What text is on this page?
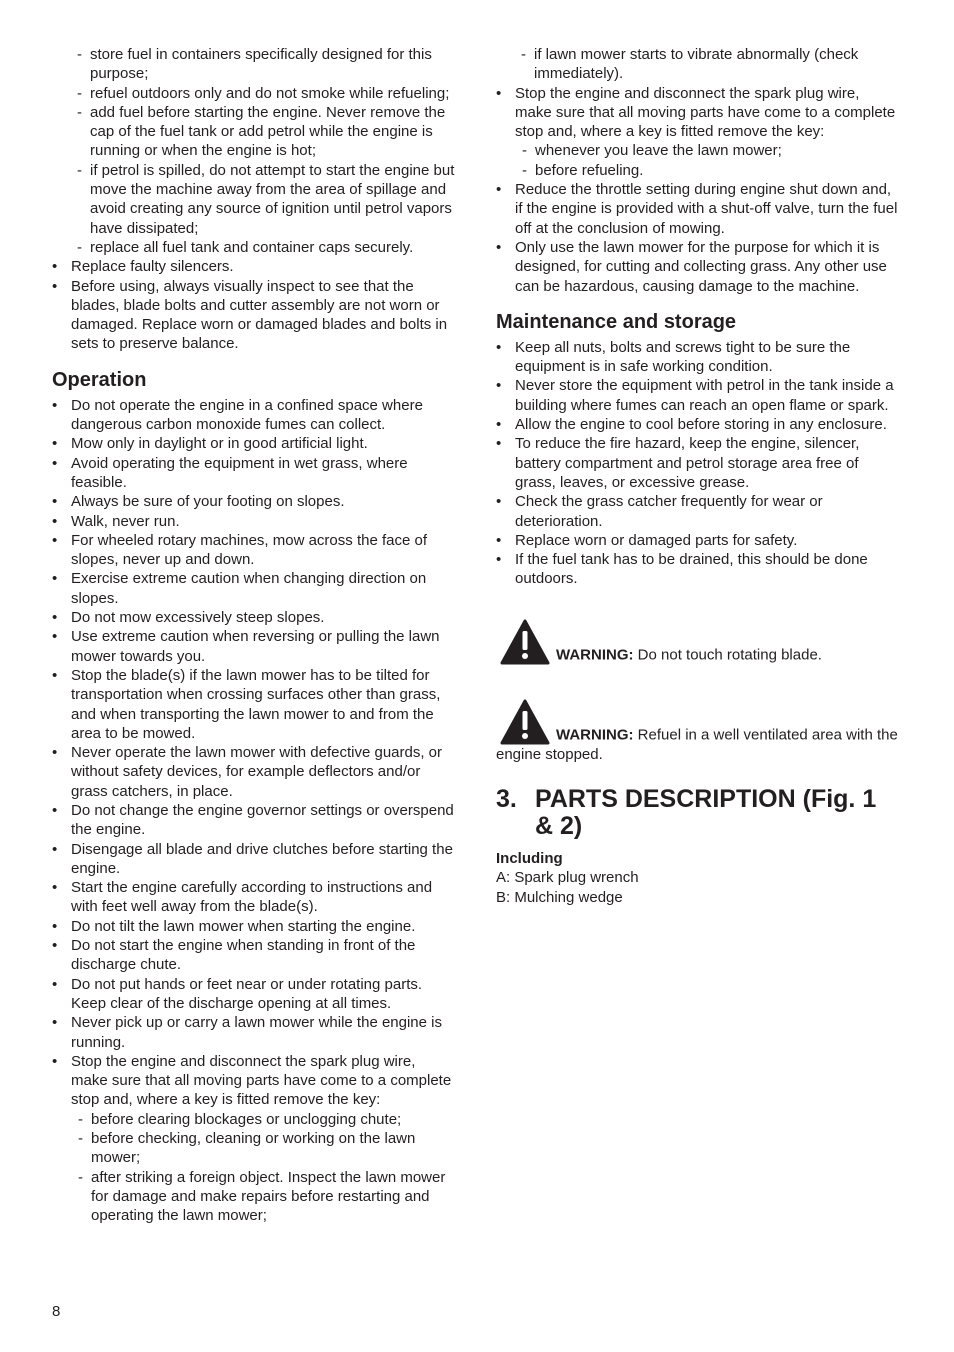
- store fuel in containers specifically designed for this purpose;
- refuel outdoors only and do not smoke while refueling;
- add fuel before starting the engine. Never remove the cap of the fuel tank or add petrol while the engine is running or when the engine is hot;
- if petrol is spilled, do not attempt to start the engine but move the machine away from the area of spillage and avoid creating any source of ignition until petrol vapors have dissipated;
- replace all fuel tank and container caps securely.
• Replace faulty silencers.
• Before using, always visually inspect to see that the blades, blade bolts and cutter assembly are not worn or damaged. Replace worn or damaged blades and bolts in sets to preserve balance.
Operation
• Do not operate the engine in a confined space where dangerous carbon monoxide fumes can collect.
• Mow only in daylight or in good artificial light.
• Avoid operating the equipment in wet grass, where feasible.
• Always be sure of your footing on slopes.
• Walk, never run.
• For wheeled rotary machines, mow across the face of slopes, never up and down.
• Exercise extreme caution when changing direction on slopes.
• Do not mow excessively steep slopes.
• Use extreme caution when reversing or pulling the lawn mower towards you.
• Stop the blade(s) if the lawn mower has to be tilted for transportation when crossing surfaces other than grass, and when transporting the lawn mower to and from the area to be mowed.
• Never operate the lawn mower with defective guards, or without safety devices, for example deflectors and/or grass catchers, in place.
• Do not change the engine governor settings or overspend the engine.
• Disengage all blade and drive clutches before starting the engine.
• Start the engine carefully according to instructions and with feet well away from the blade(s).
• Do not tilt the lawn mower when starting the engine.
• Do not start the engine when standing in front of the discharge chute.
• Do not put hands or feet near or under rotating parts. Keep clear of the discharge opening at all times.
• Never pick up or carry a lawn mower while the engine is running.
• Stop the engine and disconnect the spark plug wire, make sure that all moving parts have come to a complete stop and, where a key is fitted remove the key:
- before clearing blockages or unclogging chute;
- before checking, cleaning or working on the lawn mower;
- after striking a foreign object. Inspect the lawn mower for damage and make repairs before restarting and operating the lawn mower;
- if lawn mower starts to vibrate abnormally (check immediately).
• Stop the engine and disconnect the spark plug wire, make sure that all moving parts have come to a complete stop and, where a key is fitted remove the key:
- whenever you leave the lawn mower;
- before refueling.
• Reduce the throttle setting during engine shut down and, if the engine is provided with a shut-off valve, turn the fuel off at the conclusion of mowing.
• Only use the lawn mower for the purpose for which it is designed, for cutting and collecting grass. Any other use can be hazardous, causing damage to the machine.
Maintenance and storage
• Keep all nuts, bolts and screws tight to be sure the equipment is in safe working condition.
• Never store the equipment with petrol in the tank inside a building where fumes can reach an open flame or spark.
• Allow the engine to cool before storing in any enclosure.
• To reduce the fire hazard, keep the engine, silencer, battery compartment and petrol storage area free of grass, leaves, or excessive grease.
• Check the grass catcher frequently for wear or deterioration.
• Replace worn or damaged parts for safety.
• If the fuel tank has to be drained, this should be done outdoors.
WARNING: Do not touch rotating blade.
WARNING: Refuel in a well ventilated area with the engine stopped.
3. PARTS DESCRIPTION (Fig. 1 & 2)
Including
A: Spark plug wrench
B: Mulching wedge
8
